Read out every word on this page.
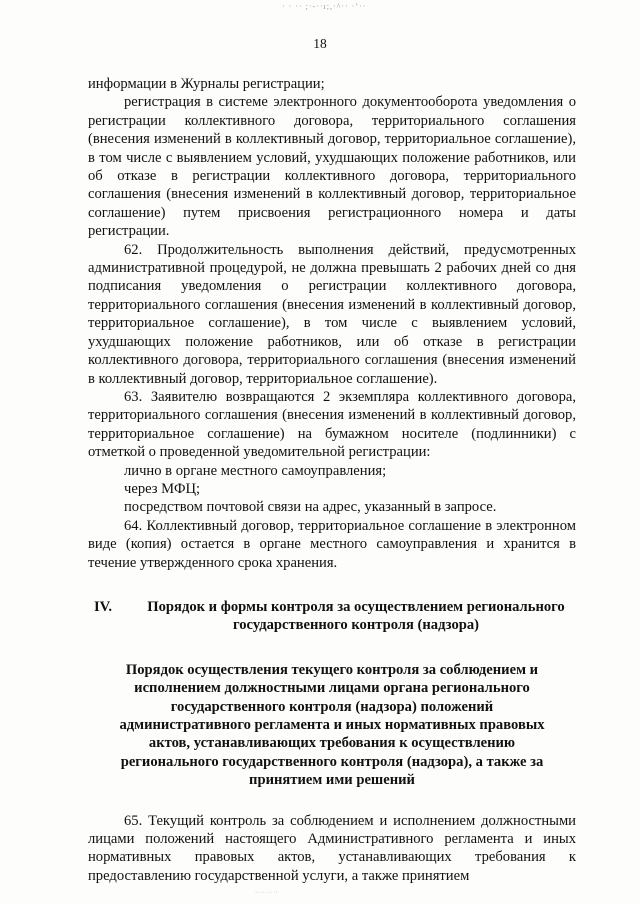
· · ·· ;·-··ı;,·^·· ·ʼ··
18

информации в Журналы регистрации;

регистрация в системе электронного документооборота уведомления о регистрации коллективного договора, территориального соглашения (внесения изменений в коллективный договор, территориальное соглашение), в том числе с выявлением условий, ухудшающих положение работников, или об отказе в регистрации коллективного договора, территориального соглашения (внесения изменений в коллективный договор, территориальное соглашение) путем присвоения регистрационного номера и даты регистрации.

62. Продолжительность выполнения действий, предусмотренных административной процедурой, не должна превышать 2 рабочих дней со дня подписания уведомления о регистрации коллективного договора, территориального соглашения (внесения изменений в коллективный договор, территориальное соглашение), в том числе с выявлением условий, ухудшающих положение работников, или об отказе в регистрации коллективного договора, территориального соглашения (внесения изменений в коллективный договор, территориальное соглашение).

63. Заявителю возвращаются 2 экземпляра коллективного договора, территориального соглашения (внесения изменений в коллективный договор, территориальное соглашение) на бумажном носителе (подлинники) с отметкой о проведенной уведомительной регистрации:

лично в органе местного самоуправления;

через МФЦ;

посредством почтовой связи на адрес, указанный в запросе.

64. Коллективный договор, территориальное соглашение в электронном виде (копия) остается в органе местного самоуправления и хранится в течение утвержденного срока хранения.

IV.	Порядок и формы контроля за осуществлением регионального государственного контроля (надзора)
Порядок осуществления текущего контроля за соблюдением и исполнением должностными лицами органа регионального государственного контроля (надзора) положений административного регламента и иных нормативных правовых актов, устанавливающих требования к осуществлению регионального государственного контроля (надзора), а также за принятием ими решений

65. Текущий контроль за соблюдением и исполнением должностными лицами положений настоящего Административного регламента и иных нормативных правовых актов, устанавливающих требования к предоставлению государственной услуги, а также принятием

·· ··· ·· ··
